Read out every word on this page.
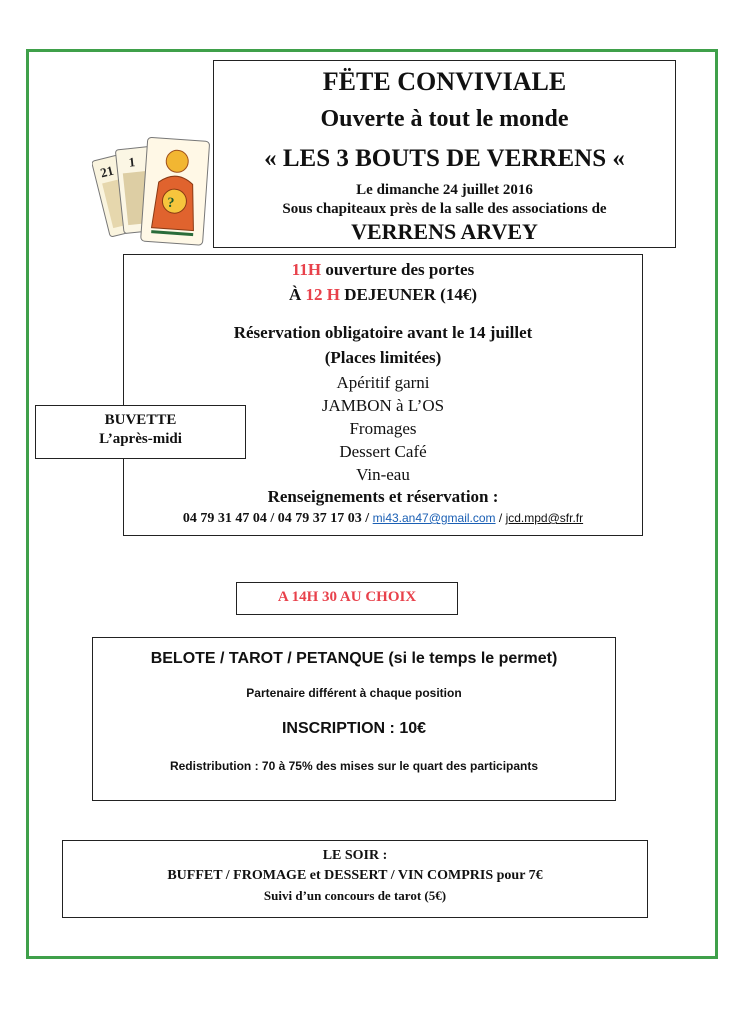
21
1
?
FËTE CONVIVIALE
Ouverte à tout le monde
« LES 3 BOUTS DE VERRENS «
Le dimanche 24 juillet 2016
Sous chapiteaux près de la salle des associations de
VERRENS ARVEY
11H ouverture des portes
À 12 H DEJEUNER (14€)
Réservation obligatoire avant le 14 juillet
(Places limitées)
Apéritif garni
JAMBON à L’OS
Fromages
Dessert Café
Vin-eau
Renseignements et réservation :
04 79 31 47 04 / 04 79 37 17 03 / mi43.an47@gmail.com / jcd.mpd@sfr.fr
BUVETTE
L’après-midi
A 14H 30 AU CHOIX
BELOTE / TAROT / PETANQUE (si le temps le permet)
Partenaire différent à chaque position
INSCRIPTION : 10€
Redistribution : 70 à 75% des mises sur le quart des participants
LE SOIR :
BUFFET / FROMAGE et DESSERT / VIN COMPRIS pour 7€
Suivi d’un concours de tarot (5€)
